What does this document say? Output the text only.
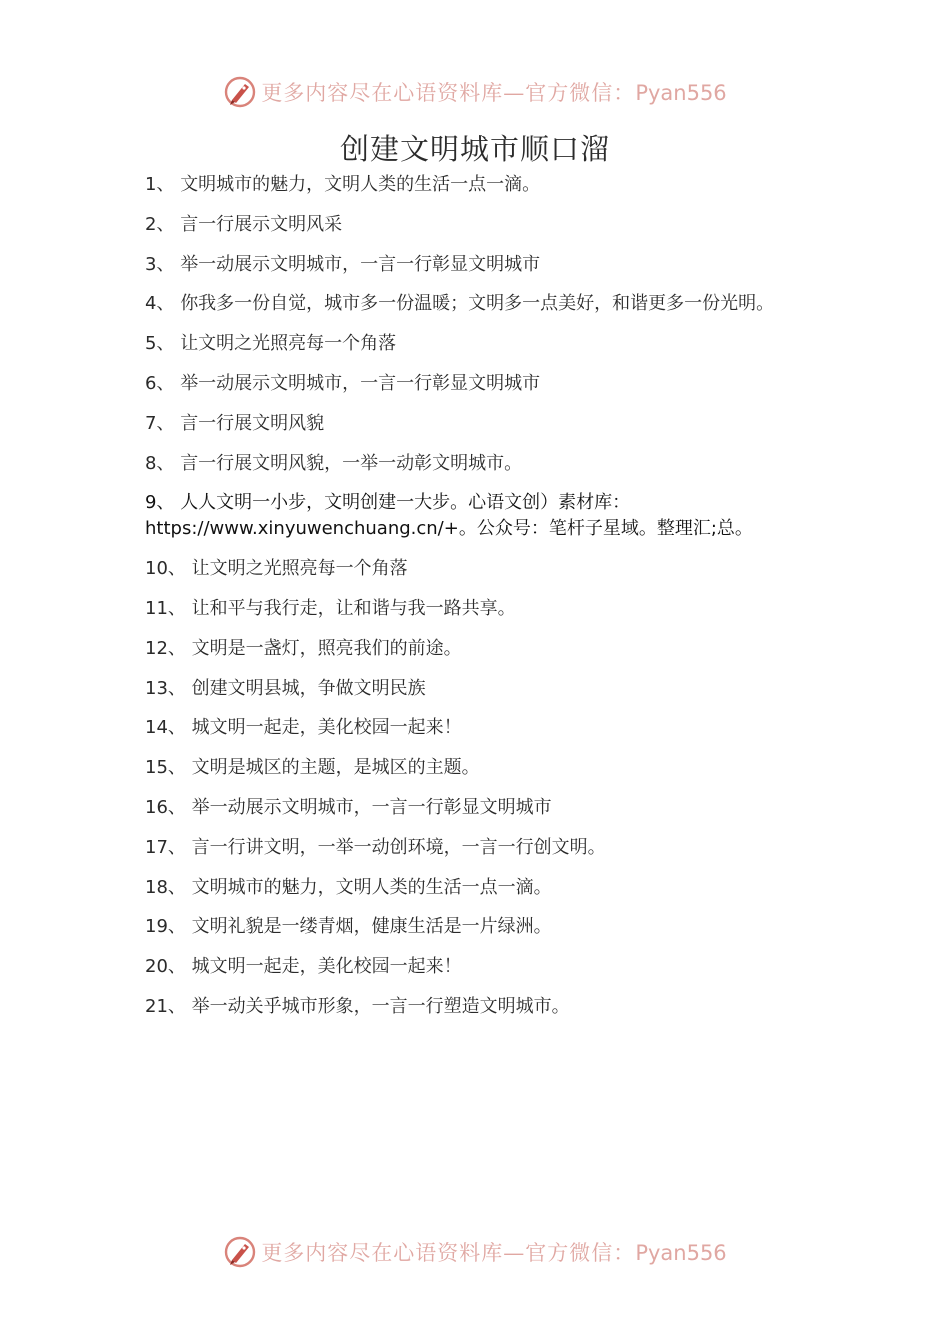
更多内容尽在心语资料库—官方微信：Pyan556
创建文明城市顺口溜
1、 文明城市的魅力，文明人类的生活一点一滴。
2、 言一行展示文明风采
3、 举一动展示文明城市，一言一行彰显文明城市
4、 你我多一份自觉，城市多一份温暖；文明多一点美好，和谐更多一份光明。
5、 让文明之光照亮每一个角落
6、 举一动展示文明城市，一言一行彰显文明城市
7、 言一行展文明风貌
8、 言一行展文明风貌，一举一动彰文明城市。
9、 人人文明一小步，文明创建一大步。心语文创）素材库：
https://www.xinyuwenchuang.cn/+。公众号：笔杆子星域。整理汇;总。
10、 让文明之光照亮每一个角落
11、 让和平与我行走，让和谐与我一路共享。
12、 文明是一盏灯，照亮我们的前途。
13、 创建文明县城，争做文明民族
14、 城文明一起走，美化校园一起来！
15、 文明是城区的主题，是城区的主题。
16、 举一动展示文明城市，一言一行彰显文明城市
17、 言一行讲文明，一举一动创环境，一言一行创文明。
18、 文明城市的魅力，文明人类的生活一点一滴。
19、 文明礼貌是一缕青烟，健康生活是一片绿洲。
20、 城文明一起走，美化校园一起来！
21、 举一动关乎城市形象，一言一行塑造文明城市。
更多内容尽在心语资料库—官方微信：Pyan556
